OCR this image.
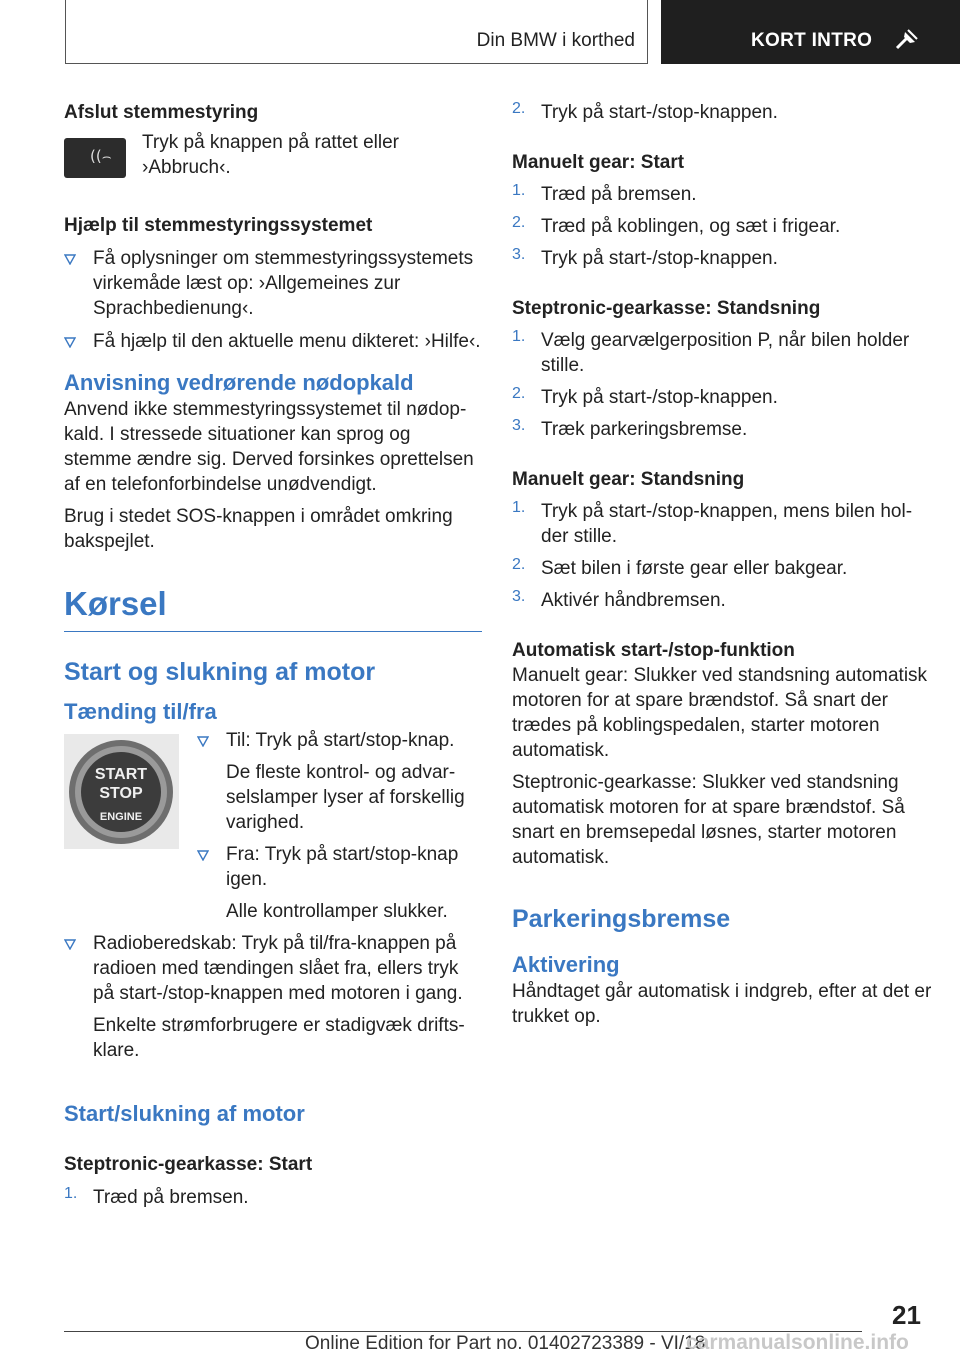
Din BMW i korthed	KORT INTRO

Afslut stemmestyring

((⌢

Tryk på knappen på rattet eller ›Abbruch‹.

Hjælp til stemmestyringssystemet

Få oplysninger om stemmestyringssystemets virkemåde læst op: ›Allgemeines zur Sprachbedienung‹.

Få hjælp til den aktuelle menu dikteret: ›Hilfe‹.

Anvisning vedrørende nødopkald

Anvend ikke stemmestyringssystemet til nødopkald. I stressede situationer kan sprog og stemme ændre sig. Derved forsinkes oprettelsen af en telefonforbindelse unødvendigt.

Brug i stedet SOS-knappen i området omkring bakspejlet.

Kørsel

Start og slukning af motor

Tænding til/fra

START
STOP
ENGINE

Til: Tryk på start/stop-knap.

De fleste kontrol- og advarselslamper lyser af forskellig varighed.

Fra: Tryk på start/stop-knap igen.

Alle kontrollamper slukker.

Radioberedskab: Tryk på til/fra-knappen på radioen med tændingen slået fra, ellers tryk på start-/stop-knappen med motoren i gang.

Enkelte strømforbrugere er stadigvæk driftsklare.

Start/slukning af motor

Steptronic-gearkasse: Start

1. Træd på bremsen.

2. Tryk på start-/stop-knappen.

Manuelt gear: Start

1. Træd på bremsen.

2. Træd på koblingen, og sæt i frigear.

3. Tryk på start-/stop-knappen.

Steptronic-gearkasse: Standsning

1. Vælg gearvælgerposition P, når bilen holder stille.

2. Tryk på start-/stop-knappen.

3. Træk parkeringsbremse.

Manuelt gear: Standsning

1. Tryk på start-/stop-knappen, mens bilen holder stille.

2. Sæt bilen i første gear eller bakgear.

3. Aktivér håndbremsen.

Automatisk start-/stop-funktion

Manuelt gear: Slukker ved standsning automatisk motoren for at spare brændstof. Så snart der trædes på koblingspedalen, starter motoren automatisk.

Steptronic-gearkasse: Slukker ved standsning automatisk motoren for at spare brændstof. Så snart en bremsepedal løsnes, starter motoren automatisk.

Parkeringsbremse

Aktivering

Håndtaget går automatisk i indgreb, efter at det er trukket op.

21
Online Edition for Part no. 01402723389 - VI/18
carmanualsonline.info
